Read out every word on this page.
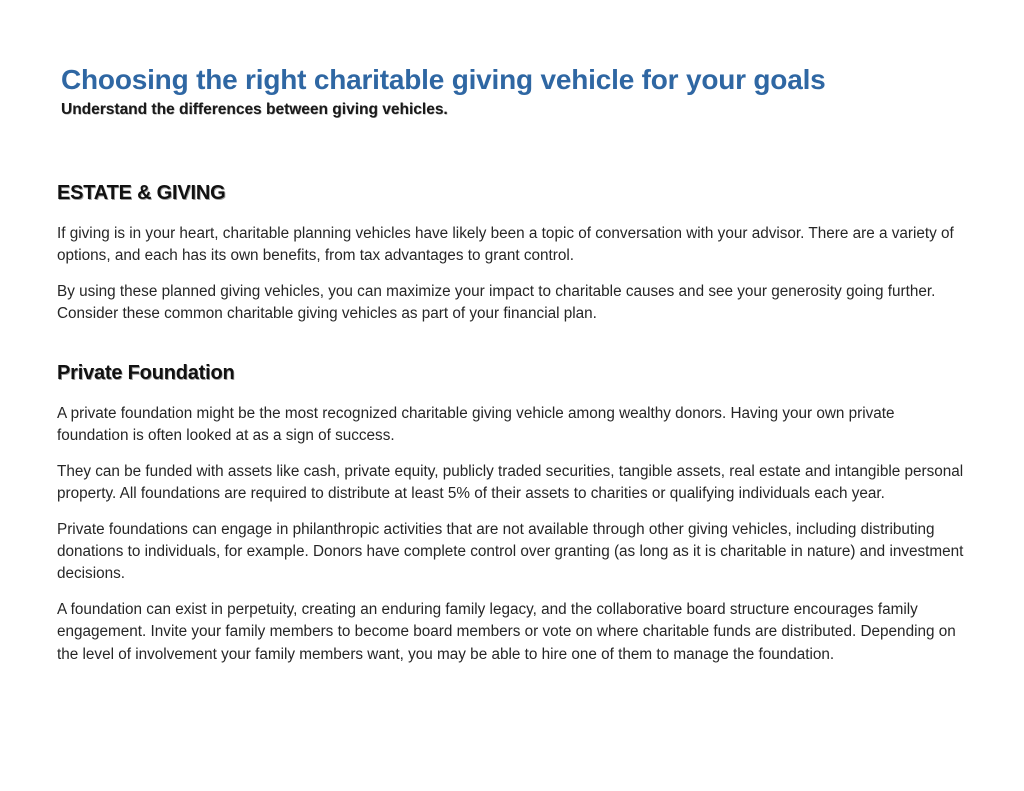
Choosing the right charitable giving vehicle for your goals
Understand the differences between giving vehicles.
ESTATE & GIVING

If giving is in your heart, charitable planning vehicles have likely been a topic of conversation with your advisor. There are a variety of options, and each has its own benefits, from tax advantages to grant control.

By using these planned giving vehicles, you can maximize your impact to charitable causes and see your generosity going further. Consider these common charitable giving vehicles as part of your financial plan.

Private Foundation

A private foundation might be the most recognized charitable giving vehicle among wealthy donors. Having your own private foundation is often looked at as a sign of success.

They can be funded with assets like cash, private equity, publicly traded securities, tangible assets, real estate and intangible personal property. All foundations are required to distribute at least 5% of their assets to charities or qualifying individuals each year.

Private foundations can engage in philanthropic activities that are not available through other giving vehicles, including distributing donations to individuals, for example. Donors have complete control over granting (as long as it is charitable in nature) and investment decisions.

A foundation can exist in perpetuity, creating an enduring family legacy, and the collaborative board structure encourages family engagement. Invite your family members to become board members or vote on where charitable funds are distributed. Depending on the level of involvement your family members want, you may be able to hire one of them to manage the foundation.
